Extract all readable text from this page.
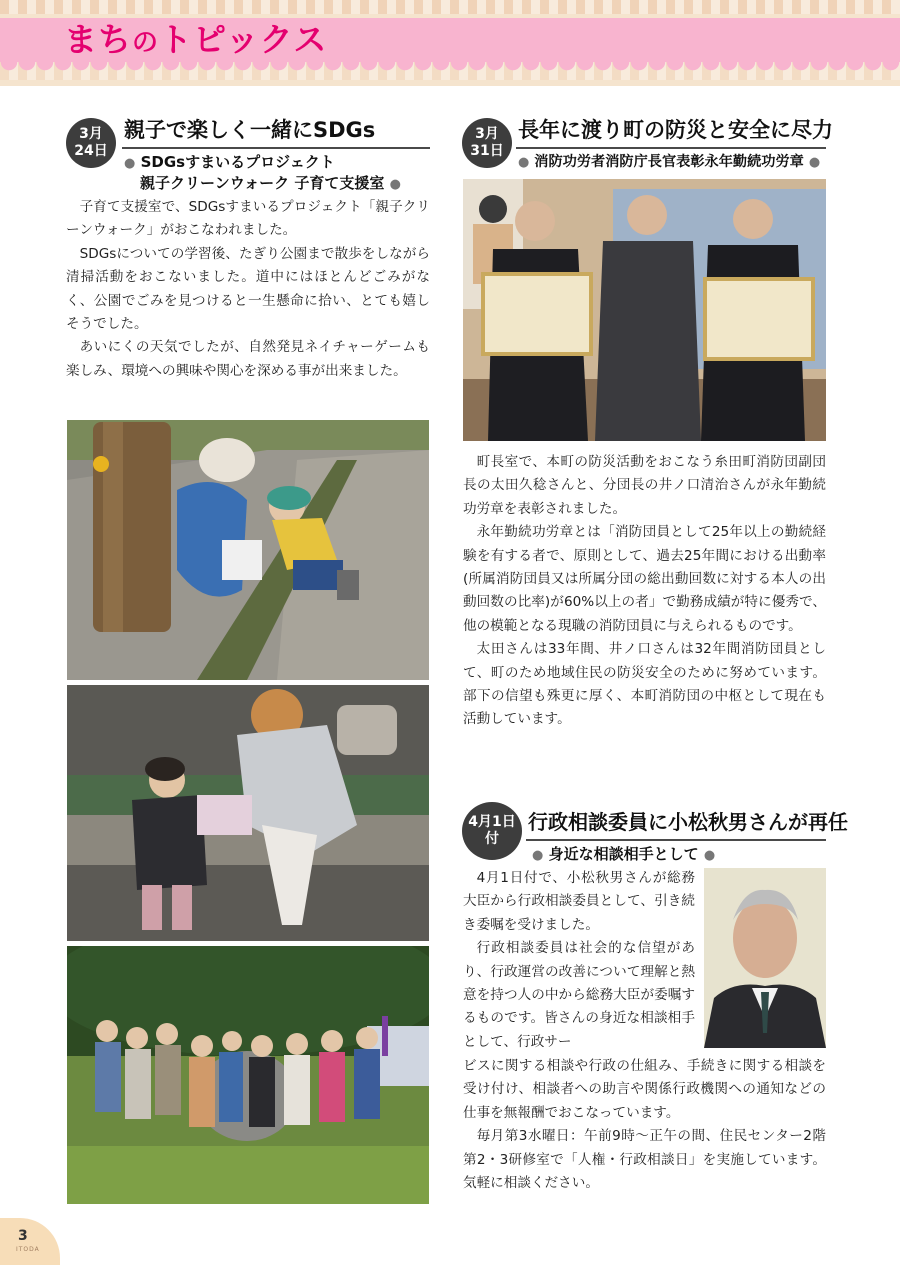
まちのトピックス
3月
24日
親子で楽しく一緒にSDGs
● SDGsすまいるプロジェクト
親子クリーンウォーク 子育て支援室 ●

子育て支援室で、SDGsすまいるプロジェクト「親子クリーンウォーク」がおこなわれました。

SDGsについての学習後、たぎり公園まで散歩をしながら清掃活動をおこないました。道中にはほとんどごみがなく、公園でごみを見つけると一生懸命に拾い、とても嬉しそうでした。

あいにくの天気でしたが、自然発見ネイチャーゲームも楽しみ、環境への興味や関心を深める事が出来ました。

3月
31日
長年に渡り町の防災と安全に尽力
● 消防功労者消防庁長官表彰永年勤続功労章 ●

町長室で、本町の防災活動をおこなう糸田町消防団副団長の太田久稔さんと、分団長の井ノ口清治さんが永年勤続功労章を表彰されました。

永年勤続功労章とは「消防団員として25年以上の勤続経験を有する者で、原則として、過去25年間における出動率(所属消防団員又は所属分団の総出動回数に対する本人の出動回数の比率)が60%以上の者」で勤務成績が特に優秀で、他の模範となる現職の消防団員に与えられるものです。

太田さんは33年間、井ノ口さんは32年間消防団員として、町のため地域住民の防災安全のために努めています。部下の信望も殊更に厚く、本町消防団の中枢として現在も活動しています。

4月1日
付
行政相談委員に小松秋男さんが再任
● 身近な相談相手として ●

4月1日付で、小松秋男さんが総務大臣から行政相談委員として、引き続き委嘱を受けました。

行政相談委員は社会的な信望があり、行政運営の改善について理解と熱意を持つ人の中から総務大臣が委嘱するものです。皆さんの身近な相談相手として、行政サー

ビスに関する相談や行政の仕組み、手続きに関する相談を受け付け、相談者への助言や関係行政機関への通知などの仕事を無報酬でおこなっています。

毎月第3水曜日：午前9時〜正午の間、住民センター2階第2・3研修室で「人権・行政相談日」を実施しています。気軽に相談ください。

3
ITODA
